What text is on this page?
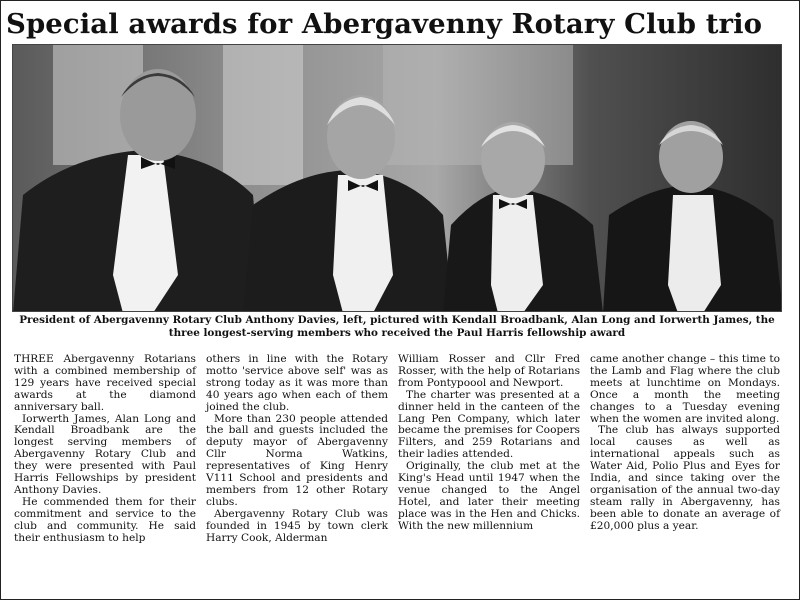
Special awards for Abergavenny Rotary Club trio
President of Abergavenny Rotary Club Anthony Davies, left, pictured with Kendall Broadbank, Alan Long and Iorwerth James, the three longest-serving members who received the Paul Harris fellowship award

THREE Abergavenny Rotarians with a combined membership of 129 years have received special awards at the diamond anniversary ball.

Iorwerth James, Alan Long and Kendall Broadbank are the longest serving members of Abergavenny Rotary Club and they were presented with Paul Harris Fellowships by president Anthony Davies.

He commended them for their commitment and service to the club and community. He said their enthusiasm to help

others in line with the Rotary motto 'service above self' was as strong today as it was more than 40 years ago when each of them joined the club.

More than 230 people attended the ball and guests included the deputy mayor of Abergavenny Cllr Norma Watkins, representatives of King Henry V111 School and presidents and members from 12 other Rotary clubs.

Abergavenny Rotary Club was founded in 1945 by town clerk Harry Cook, Alderman

William Rosser and Cllr Fred Rosser, with the help of Rotarians from Pontypoool and Newport.

The charter was presented at a dinner held in the canteen of the Lang Pen Company, which later became the premises for Coopers Filters, and 259 Rotarians and their ladies attended.

Originally, the club met at the King's Head until 1947 when the venue changed to the Angel Hotel, and later their meeting place was in the Hen and Chicks. With the new millennium

came another change – this time to the Lamb and Flag where the club meets at lunchtime on Mondays. Once a month the meeting changes to a Tuesday evening when the women are invited along.

The club has always supported local causes as well as international appeals such as Water Aid, Polio Plus and Eyes for India, and since taking over the organisation of the annual two-day steam rally in Abergavenny, has been able to donate an average of £20,000 plus a year.
